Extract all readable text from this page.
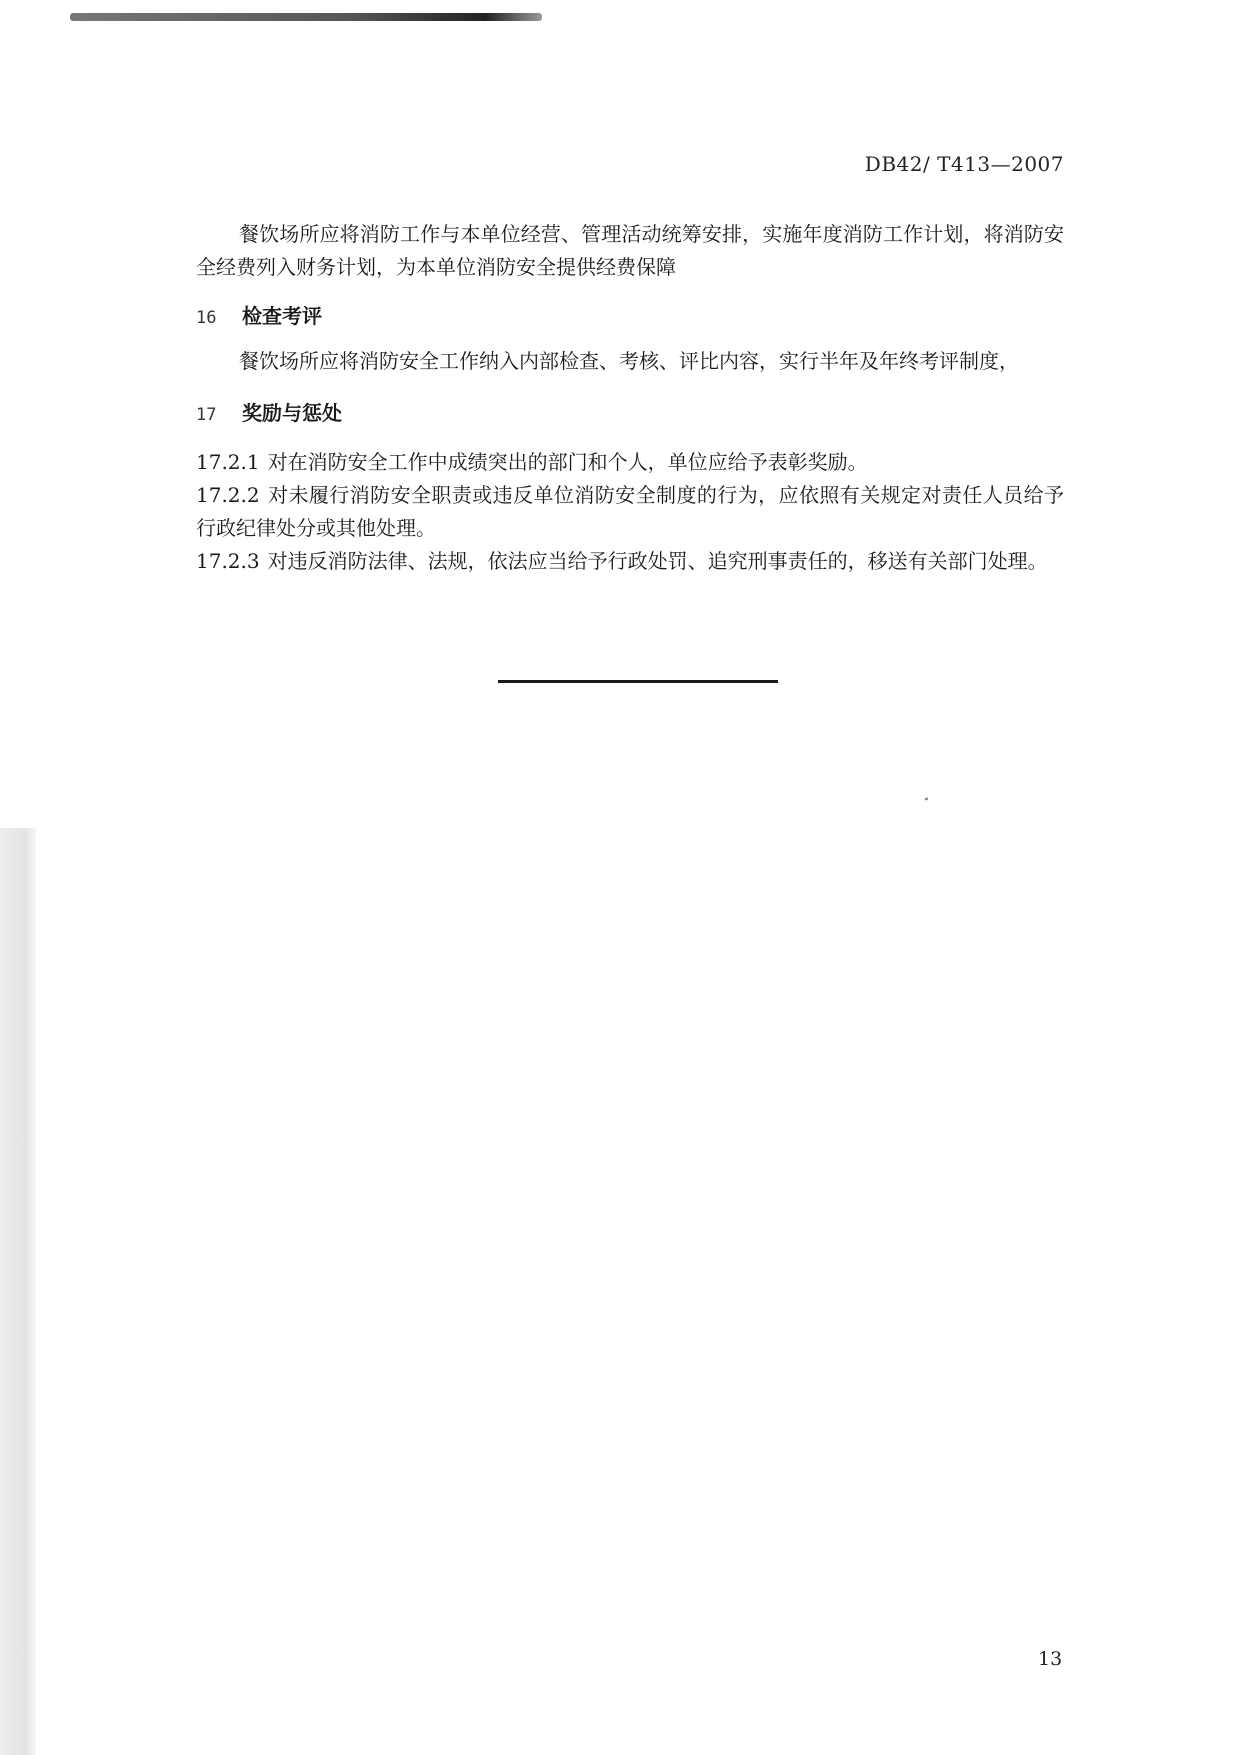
DB42/ T413—2007

餐饮场所应将消防工作与本单位经营、管理活动统筹安排，实施年度消防工作计划，将消防安全经费列入财务计划，为本单位消防安全提供经费保障

16 检查考评

餐饮场所应将消防安全工作纳入内部检查、考核、评比内容，实行半年及年终考评制度，

17 奖励与惩处

17.2.1 对在消防安全工作中成绩突出的部门和个人，单位应给予表彰奖励。

17.2.2 对未履行消防安全职责或违反单位消防安全制度的行为，应依照有关规定对责任人员给予行政纪律处分或其他处理。

17.2.3 对违反消防法律、法规，依法应当给予行政处罚、追究刑事责任的，移送有关部门处理。

13
